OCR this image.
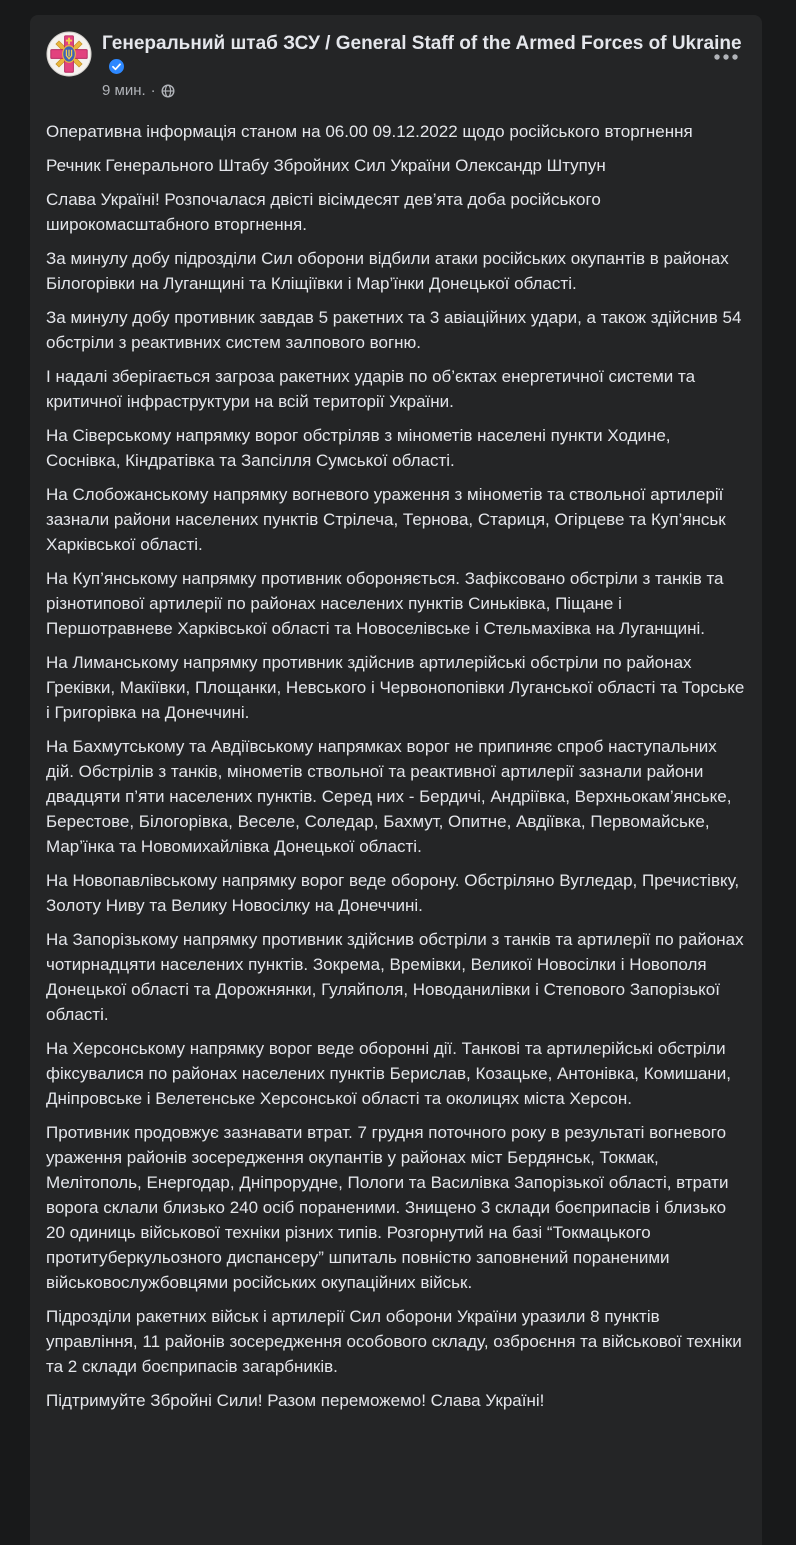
Генеральний штаб ЗСУ / General Staff of the Armed Forces of Ukraine
9 мин. ·

Оперативна інформація станом на 06.00 09.12.2022 щодо російського вторгнення

Речник Генерального Штабу Збройних Сил України Олександр Штупун

Слава Україні! Розпочалася двісті вісімдесят дев’ята доба російського широкомасштабного вторгнення.

За минулу добу підрозділи Сил оборони відбили атаки російських окупантів в районах Білогорівки на Луганщині та Кліщіївки і Мар’їнки Донецької області.

За минулу добу противник завдав 5 ракетних та 3 авіаційних удари, а також здійснив 54 обстріли з реактивних систем залпового вогню.

І надалі зберігається загроза ракетних ударів по об’єктах енергетичної системи та критичної інфраструктури на всій території України.

На Сіверському напрямку ворог обстріляв з мінометів населені пункти Ходине, Соснівка, Кіндратівка та Запсілля Сумської області.

На Слобожанському напрямку вогневого ураження з мінометів та ствольної артилерії зазнали райони населених пунктів Стрілеча, Тернова, Стариця, Огірцеве та Куп’янськ Харківської області.

На Куп’янському напрямку противник обороняється. Зафіксовано обстріли з танків та різнотипової артилерії по районах населених пунктів Синьківка, Піщане і Першотравневе Харківської області та Новоселівське і Стельмахівка на Луганщині.

На Лиманському напрямку противник здійснив артилерійські обстріли по районах Греківки, Макіївки, Площанки, Невського і Червонопопівки Луганської області та Торське і Григорівка на Донеччині.

На Бахмутському та Авдіївському напрямках ворог не припиняє спроб наступальних дій. Обстрілів з танків, мінометів ствольної та реактивної артилерії зазнали райони двадцяти п’яти населених пунктів. Серед них - Бердичі, Андріївка, Верхньокам’янське, Берестове, Білогорівка, Веселе, Соледар, Бахмут, Опитне, Авдіївка, Первомайське, Мар’їнка та Новомихайлівка Донецької області.

На Новопавлівському напрямку ворог веде оборону. Обстріляно Вугледар, Пречистівку, Золоту Ниву та Велику Новосілку на Донеччині.

На Запорізькому напрямку противник здійснив обстріли з танків та артилерії по районах чотирнадцяти населених пунктів. Зокрема, Времівки, Великої Новосілки і Новополя Донецької області та Дорожнянки, Гуляйполя, Новоданилівки і Степового Запорізької області.

На Херсонському напрямку ворог веде оборонні дії. Танкові та артилерійські обстріли фіксувалися по районах населених пунктів Берислав, Козацьке, Антонівка, Комишани, Дніпровське і Велетенське Херсонської області та околицях міста Херсон.

Противник продовжує зазнавати втрат. 7 грудня поточного року в результаті вогневого ураження районів зосередження окупантів у районах міст Бердянськ, Токмак, Мелітополь, Енергодар, Дніпрорудне, Пологи та Василівка Запорізької області, втрати ворога склали близько 240 осіб пораненими. Знищено 3 склади боєприпасів і близько 20 одиниць військової техніки різних типів. Розгорнутий на базі “Токмацького протитуберкульозного диспансеру” шпиталь повністю заповнений пораненими військовослужбовцями російських окупаційних військ.

Підрозділи ракетних військ і артилерії Сил оборони України уразили 8 пунктів управління, 11 районів зосередження особового складу, озброєння та військової техніки та 2 склади боєприпасів загарбників.

Підтримуйте Збройні Сили! Разом переможемо! Слава Україні!
